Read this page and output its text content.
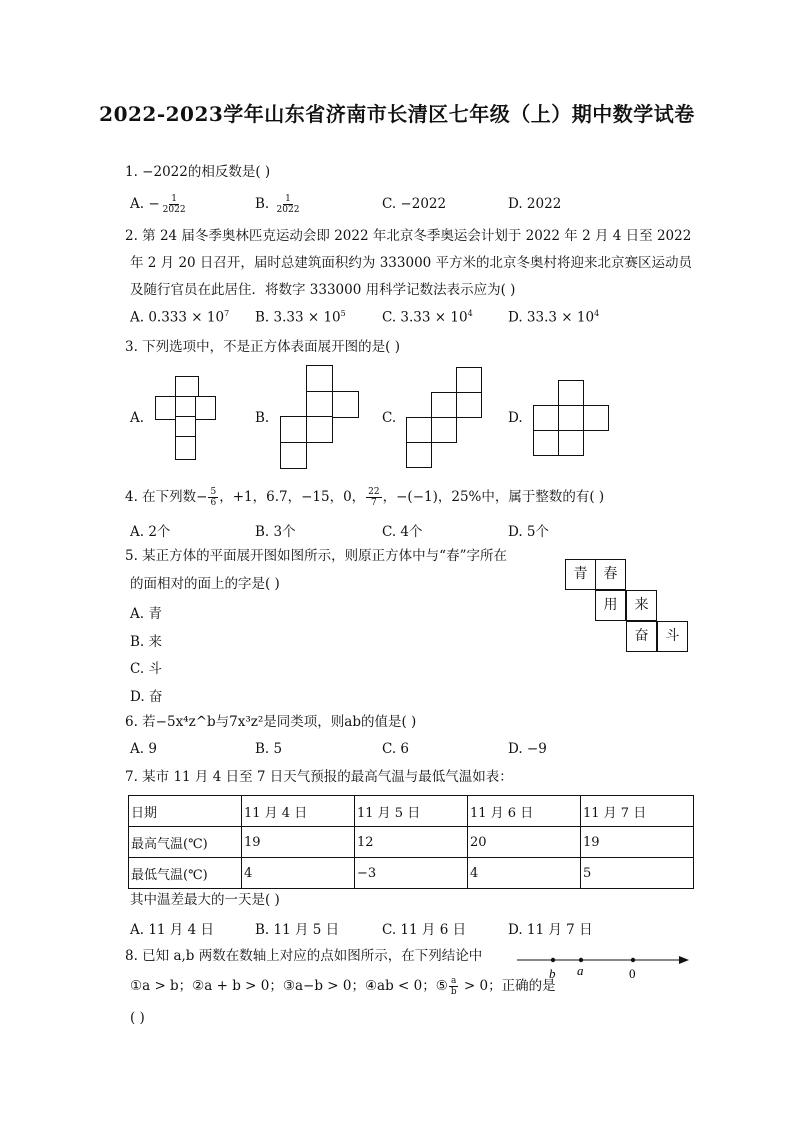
2022-2023学年山东省济南市长清区七年级（上）期中数学试卷
1. −2022的相反数是( )
A. − $\frac{1}{2022}$	B. $\frac{1}{2022}$	C. −2022	D. 2022
2. 第 24 届冬季奥林匹克运动会即 2022 年北京冬季奥运会计划于 2022 年 2 月 4 日至 2022
年 2 月 20 日召开，届时总建筑面积约为 333000 平方米的北京冬奥村将迎来北京赛区运动员
及随行官员在此居住．将数字 333000 用科学记数法表示应为( )
A. $0.333 \times 10^7$ B. $3.33 \times 10^5$	C. $3.33 \times 10^4$	D. $33.3 \times 10^4$
3. 下列选项中，不是正方体表面展开图的是( )
A.	B.	C.	D.
4. 在下列数− $\frac{5}{6}$ ，+1，6.7，−15，0， $\frac{22}{7}$ ，−(−1)，25%中，属于整数的有( )
A. 2个	B. 3个	C. 4个	D. 5个
5. 某正方体的平面展开图如图所示，则原正方体中与“春”字所在
的面相对的面上的字是( )
A. 青
B. 来
C. 斗
D. 奋
青	春
用	来
奋	斗
6. 若−5x⁴z^b与7x³z²是同类项，则ab的值是( )
A. 9	B. 5	C. 6	D. −9
7. 某市 11 月 4 日至 7 日天气预报的最高气温与最低气温如表：
日期	11 月 4 日	11 月 5 日	11 月 6 日	11 月 7 日
最高气温(℃)	19	12	20	19
最低气温(℃)	4	−3	4	5
其中温差最大的一天是( )
A. 11 月 4 日	B. 11 月 5 日	C. 11 月 6 日	D. 11 月 7 日
8. 已知 a,b 两数在数轴上对应的点如图所示，在下列结论中
①a > b；②a + b > 0；③a−b > 0；④ab < 0；⑤ $\frac{a}{b} > 0$；正确的是
( )
b a	0
